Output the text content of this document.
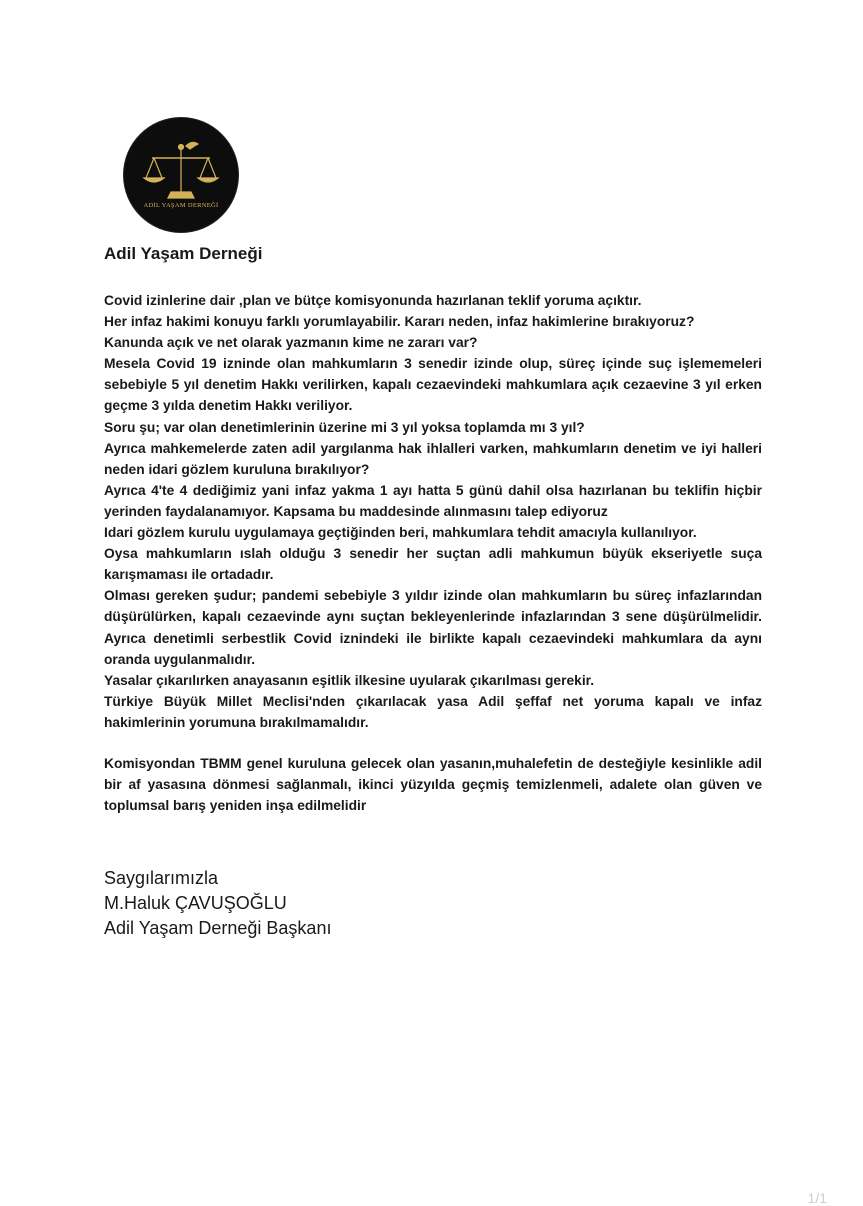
ADİL YAŞAM DERNEĞİ
Adil Yaşam Derneği

Covid izinlerine dair ,plan ve bütçe komisyonunda hazırlanan teklif yoruma açıktır.

Her infaz hakimi konuyu farklı yorumlayabilir. Kararı neden, infaz hakimlerine bırakıyoruz?

Kanunda açık ve net olarak yazmanın kime ne zararı var?

Mesela Covid 19 izninde olan mahkumların 3 senedir izinde olup, süreç içinde suç işlememeleri sebebiyle 5 yıl denetim Hakkı verilirken, kapalı cezaevindeki mahkumlara açık cezaevine 3 yıl erken geçme 3 yılda denetim Hakkı veriliyor.

Soru şu; var olan denetimlerinin üzerine mi 3 yıl yoksa toplamda mı 3 yıl?

Ayrıca mahkemelerde zaten adil yargılanma hak ihlalleri varken, mahkumların denetim ve iyi halleri neden idari gözlem kuruluna bırakılıyor?

Ayrıca 4'te 4 dediğimiz yani infaz yakma 1 ayı hatta 5 günü dahil olsa hazırlanan bu teklifin hiçbir yerinden faydalanamıyor. Kapsama bu maddesinde alınmasını talep ediyoruz

Idari gözlem kurulu uygulamaya geçtiğinden beri, mahkumlara tehdit amacıyla kullanılıyor.

Oysa mahkumların ıslah olduğu 3 senedir her suçtan adli mahkumun büyük ekseriyetle suça karışmaması ile ortadadır.

Olması gereken şudur; pandemi sebebiyle 3 yıldır izinde olan mahkumların bu süreç infazlarından düşürülürken, kapalı cezaevinde aynı suçtan bekleyenlerinde infazlarından 3 sene düşürülmelidir. Ayrıca denetimli serbestlik Covid iznindeki ile birlikte kapalı cezaevindeki mahkumlara da aynı oranda uygulanmalıdır.

Yasalar çıkarılırken anayasanın eşitlik ilkesine uyularak çıkarılması gerekir.

Türkiye Büyük Millet Meclisi'nden çıkarılacak yasa Adil şeffaf net yoruma kapalı ve infaz hakimlerinin yorumuna bırakılmamalıdır.

Komisyondan TBMM genel kuruluna gelecek olan yasanın,muhalefetin de desteğiyle kesinlikle adil bir af yasasına dönmesi sağlanmalı, ikinci yüzyılda geçmiş temizlenmeli, adalete olan güven ve toplumsal barış yeniden inşa edilmelidir

Saygılarımızla
M.Haluk ÇAVUŞOĞLU
Adil Yaşam Derneği Başkanı
1/1
